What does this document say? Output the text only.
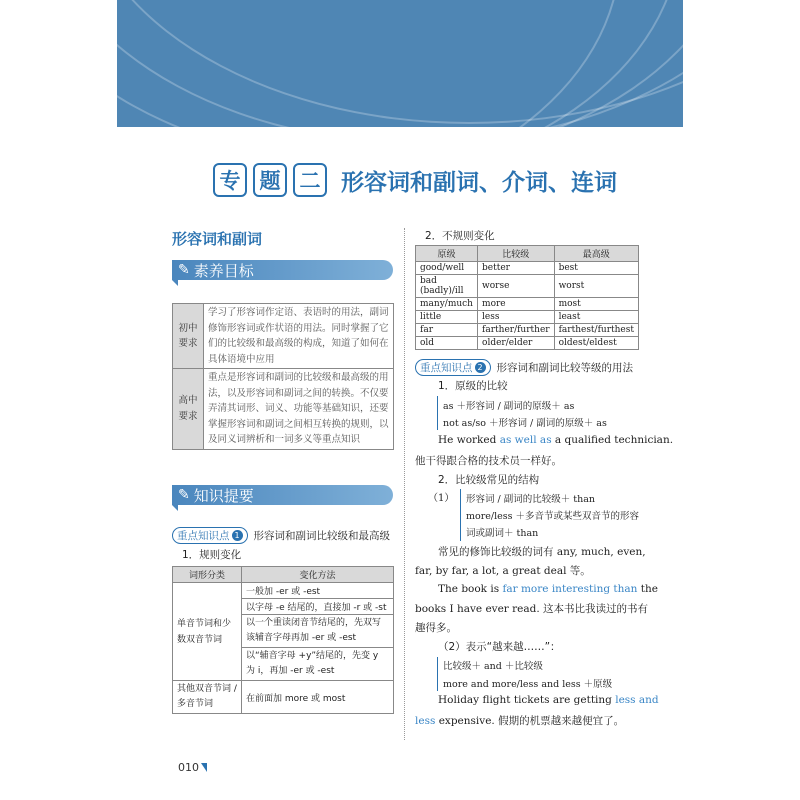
专 题 二 形容词和副词、介词、连词
形容词和副词
✎ 素养目标
初中要求	学习了形容词作定语、表语时的用法，副词修饰形容词或作状语的用法。同时掌握了它们的比较级和最高级的构成，知道了如何在具体语境中应用
高中要求	重点是形容词和副词的比较级和最高级的用法，以及形容词和副词之间的转换。不仅要弄清其词形、词义、功能等基础知识，还要掌握形容词和副词之间相互转换的规则，以及同义词辨析和一词多义等重点知识
✎ 知识提要
重点知识点 1 形容词和副词比较级和最高级
1．规则变化
词形分类	变化方法
单音节词和少数双音节词	一般加 -er 或 -est
	以字母 -e 结尾的，直接加 -r 或 -st
	以一个重读闭音节结尾的，先双写该辅音字母再加 -er 或 -est
	以“辅音字母 +y”结尾的，先变 y 为 i，再加 -er 或 -est
其他双音节词 / 多音节词	在前面加 more 或 most
2．不规则变化
原级	比较级	最高级
good/well	better	best
bad (badly)/ill	worse	worst
many/much	more	most
little	less	least
far	farther/further	farthest/furthest
old	older/elder	oldest/eldest
重点知识点 2 形容词和副词比较等级的用法
1．原级的比较
as ＋形容词 / 副词的原级＋ as
not as/so ＋形容词 / 副词的原级＋ as
He worked as well as a qualified technician.
他干得跟合格的技术员一样好。
2．比较级常见的结构
（1） 形容词 / 副词的比较级＋ than
more/less ＋多音节或某些双音节的形容
词或副词＋ than
常见的修饰比较级的词有 any, much, even,
far, by far, a lot, a great deal 等。
The book is far more interesting than the
books I have ever read. 这本书比我读过的书有
趣得多。
（2）表示“越来越……”：
比较级＋ and ＋比较级
more and more/less and less ＋原级
Holiday flight tickets are getting less and
less expensive. 假期的机票越来越便宜了。
010
